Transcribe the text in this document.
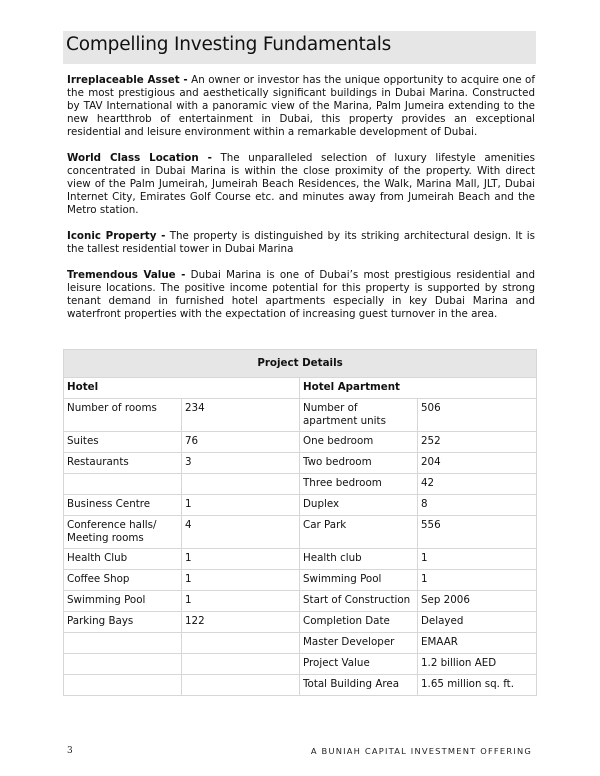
Compelling Investing Fundamentals

Irreplaceable Asset - An owner or investor has the unique opportunity to acquire one of the most prestigious and aesthetically significant buildings in Dubai Marina. Constructed by TAV International with a panoramic view of the Marina, Palm Jumeira extending to the new heartthrob of entertainment in Dubai, this property provides an exceptional residential and leisure environment within a remarkable development of Dubai.

World Class Location - The unparalleled selection of luxury lifestyle amenities concentrated in Dubai Marina is within the close proximity of the property. With direct view of the Palm Jumeirah, Jumeirah Beach Residences, the Walk, Marina Mall, JLT, Dubai Internet City, Emirates Golf Course etc. and minutes away from Jumeirah Beach and the Metro station.

Iconic Property - The property is distinguished by its striking architectural design. It is the tallest residential tower in Dubai Marina

Tremendous Value - Dubai Marina is one of Dubai’s most prestigious residential and leisure locations. The positive income potential for this property is supported by strong tenant demand in furnished hotel apartments especially in key Dubai Marina and waterfront properties with the expectation of increasing guest turnover in the area.

Project Details			
Hotel		Hotel Apartment	
Number of rooms	234	Number of apartment units	506
Suites	76	One bedroom	252
Restaurants	3	Two bedroom	204
		Three bedroom	42
Business Centre	1	Duplex	8
Conference halls/ Meeting rooms	4	Car Park	556
Health Club	1	Health club	1
Coffee Shop	1	Swimming Pool	1
Swimming Pool	1	Start of Construction	Sep 2006
Parking Bays	122	Completion Date	Delayed
		Master Developer	EMAAR
		Project Value	1.2 billion AED
		Total Building Area	1.65 million sq. ft.
3	A BUNIAH CAPITAL INVESTMENT OFFERING
